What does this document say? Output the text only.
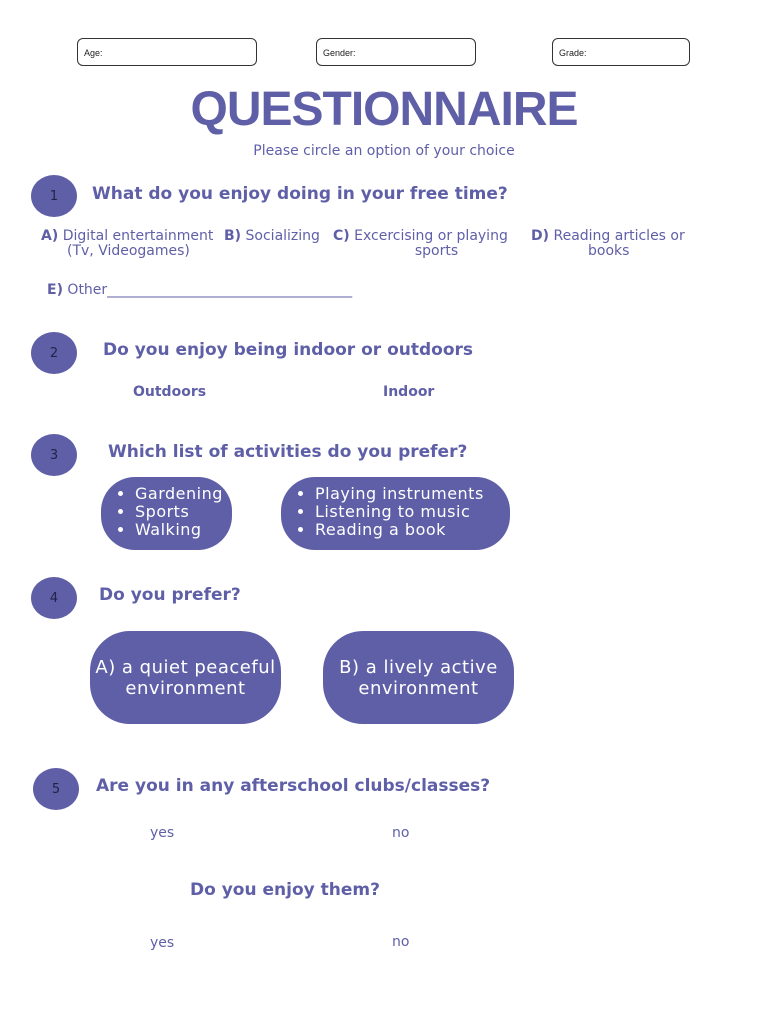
Age:	Gender:	Grade:
QUESTIONNAIRE
Please circle an option of your choice
1	What do you enjoy doing in your free time?
A) Digital entertainment
(Tv, Videogames)
B) Socializing C) Excercising or playing
sports
D) Reading articles or
books
E) Other___________________________________
2	Do you enjoy being indoor or outdoors
Outdoors	Indoor
3	Which list of activities do you prefer?
• Gardening
• Sports
• Walking
• Playing instruments
• Listening to music
• Reading a book
4	Do you prefer?
A) a quiet peaceful
environment
B) a lively active
environment
5	Are you in any afterschool clubs/classes?
yes	no
Do you enjoy them?
yes	no
